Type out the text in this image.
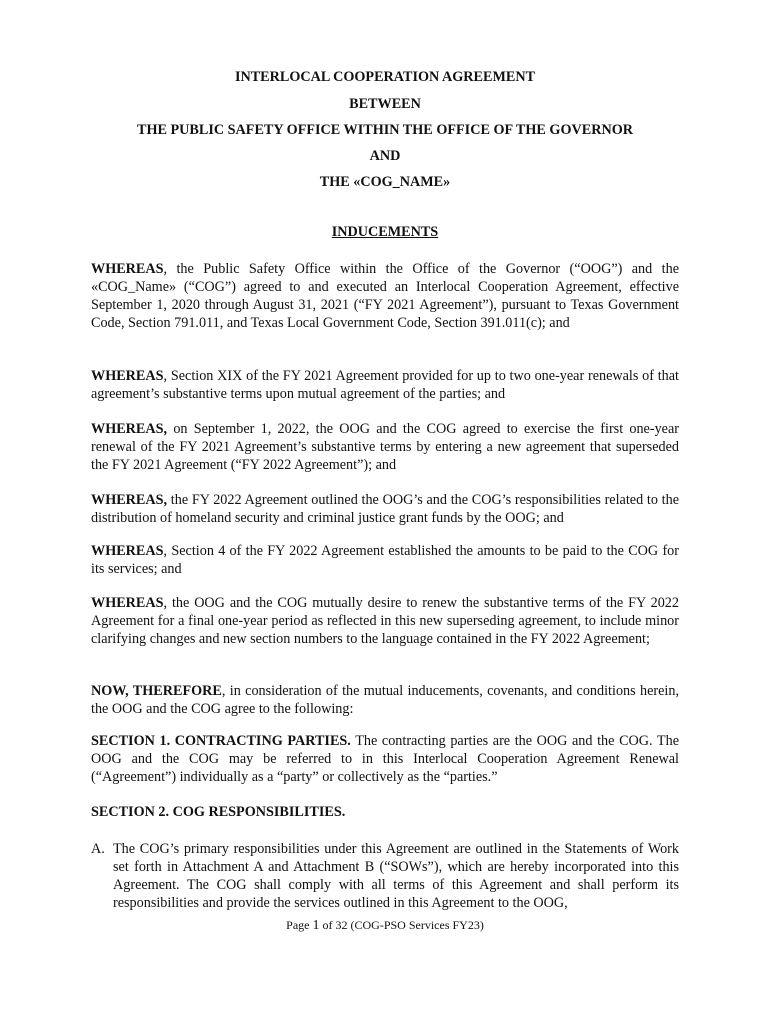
INTERLOCAL COOPERATION AGREEMENT
BETWEEN
THE PUBLIC SAFETY OFFICE WITHIN THE OFFICE OF THE GOVERNOR
AND
THE «COG_NAME»
INDUCEMENTS

WHEREAS, the Public Safety Office within the Office of the Governor (“OOG”) and the «COG_Name» (“COG”) agreed to and executed an Interlocal Cooperation Agreement, effective September 1, 2020 through August 31, 2021 (“FY 2021 Agreement”), pursuant to Texas Government Code, Section 791.011, and Texas Local Government Code, Section 391.011(c); and

WHEREAS, Section XIX of the FY 2021 Agreement provided for up to two one-year renewals of that agreement’s substantive terms upon mutual agreement of the parties; and

WHEREAS, on September 1, 2022, the OOG and the COG agreed to exercise the first one-year renewal of the FY 2021 Agreement’s substantive terms by entering a new agreement that superseded the FY 2021 Agreement (“FY 2022 Agreement”); and

WHEREAS, the FY 2022 Agreement outlined the OOG’s and the COG’s responsibilities related to the distribution of homeland security and criminal justice grant funds by the OOG; and

WHEREAS, Section 4 of the FY 2022 Agreement established the amounts to be paid to the COG for its services; and

WHEREAS, the OOG and the COG mutually desire to renew the substantive terms of the FY 2022 Agreement for a final one-year period as reflected in this new superseding agreement, to include minor clarifying changes and new section numbers to the language contained in the FY 2022 Agreement;

NOW, THEREFORE, in consideration of the mutual inducements, covenants, and conditions herein, the OOG and the COG agree to the following:

SECTION 1. CONTRACTING PARTIES. The contracting parties are the OOG and the COG. The OOG and the COG may be referred to in this Interlocal Cooperation Agreement Renewal (“Agreement”) individually as a “party” or collectively as the “parties.”

SECTION 2. COG RESPONSIBILITIES.
A. The COG’s primary responsibilities under this Agreement are outlined in the Statements of Work set forth in Attachment A and Attachment B (“SOWs”), which are hereby incorporated into this Agreement. The COG shall comply with all terms of this Agreement and shall perform its responsibilities and provide the services outlined in this Agreement to the OOG,
Page 1 of 32 (COG-PSO Services FY23)
